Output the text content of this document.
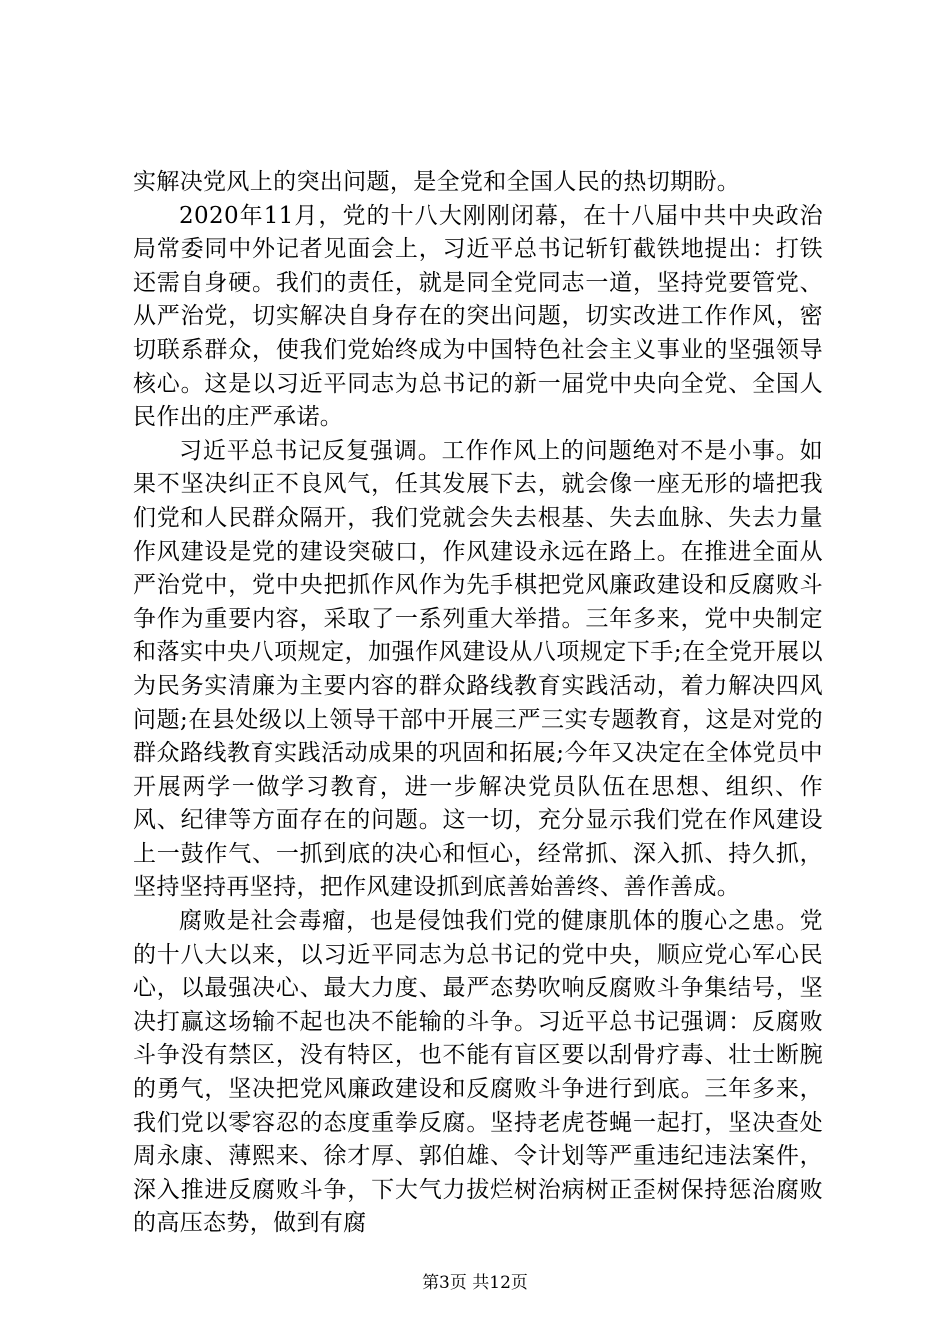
实解决党风上的突出问题，是全党和全国人民的热切期盼。

2020年11月，党的十八大刚刚闭幕，在十八届中共中央政治局常委同中外记者见面会上，习近平总书记斩钉截铁地提出：打铁还需自身硬。我们的责任，就是同全党同志一道，坚持党要管党、从严治党，切实解决自身存在的突出问题，切实改进工作作风，密切联系群众，使我们党始终成为中国特色社会主义事业的坚强领导核心。这是以习近平同志为总书记的新一届党中央向全党、全国人民作出的庄严承诺。

习近平总书记反复强调。工作作风上的问题绝对不是小事。如果不坚决纠正不良风气，任其发展下去，就会像一座无形的墙把我们党和人民群众隔开，我们党就会失去根基、失去血脉、失去力量作风建设是党的建设突破口，作风建设永远在路上。在推进全面从严治党中，党中央把抓作风作为先手棋把党风廉政建设和反腐败斗争作为重要内容，采取了一系列重大举措。三年多来，党中央制定和落实中央八项规定，加强作风建设从八项规定下手;在全党开展以为民务实清廉为主要内容的群众路线教育实践活动，着力解决四风问题;在县处级以上领导干部中开展三严三实专题教育，这是对党的群众路线教育实践活动成果的巩固和拓展;今年又决定在全体党员中开展两学一做学习教育，进一步解决党员队伍在思想、组织、作风、纪律等方面存在的问题。这一切，充分显示我们党在作风建设上一鼓作气、一抓到底的决心和恒心，经常抓、深入抓、持久抓，坚持坚持再坚持，把作风建设抓到底善始善终、善作善成。

腐败是社会毒瘤，也是侵蚀我们党的健康肌体的腹心之患。党的十八大以来，以习近平同志为总书记的党中央，顺应党心军心民心，以最强决心、最大力度、最严态势吹响反腐败斗争集结号，坚决打赢这场输不起也决不能输的斗争。习近平总书记强调：反腐败斗争没有禁区，没有特区，也不能有盲区要以刮骨疗毒、壮士断腕的勇气，坚决把党风廉政建设和反腐败斗争进行到底。三年多来，我们党以零容忍的态度重拳反腐。坚持老虎苍蝇一起打，坚决查处周永康、薄熙来、徐才厚、郭伯雄、令计划等严重违纪违法案件，深入推进反腐败斗争，下大气力拔烂树治病树正歪树保持惩治腐败的高压态势，做到有腐

第3页 共12页
